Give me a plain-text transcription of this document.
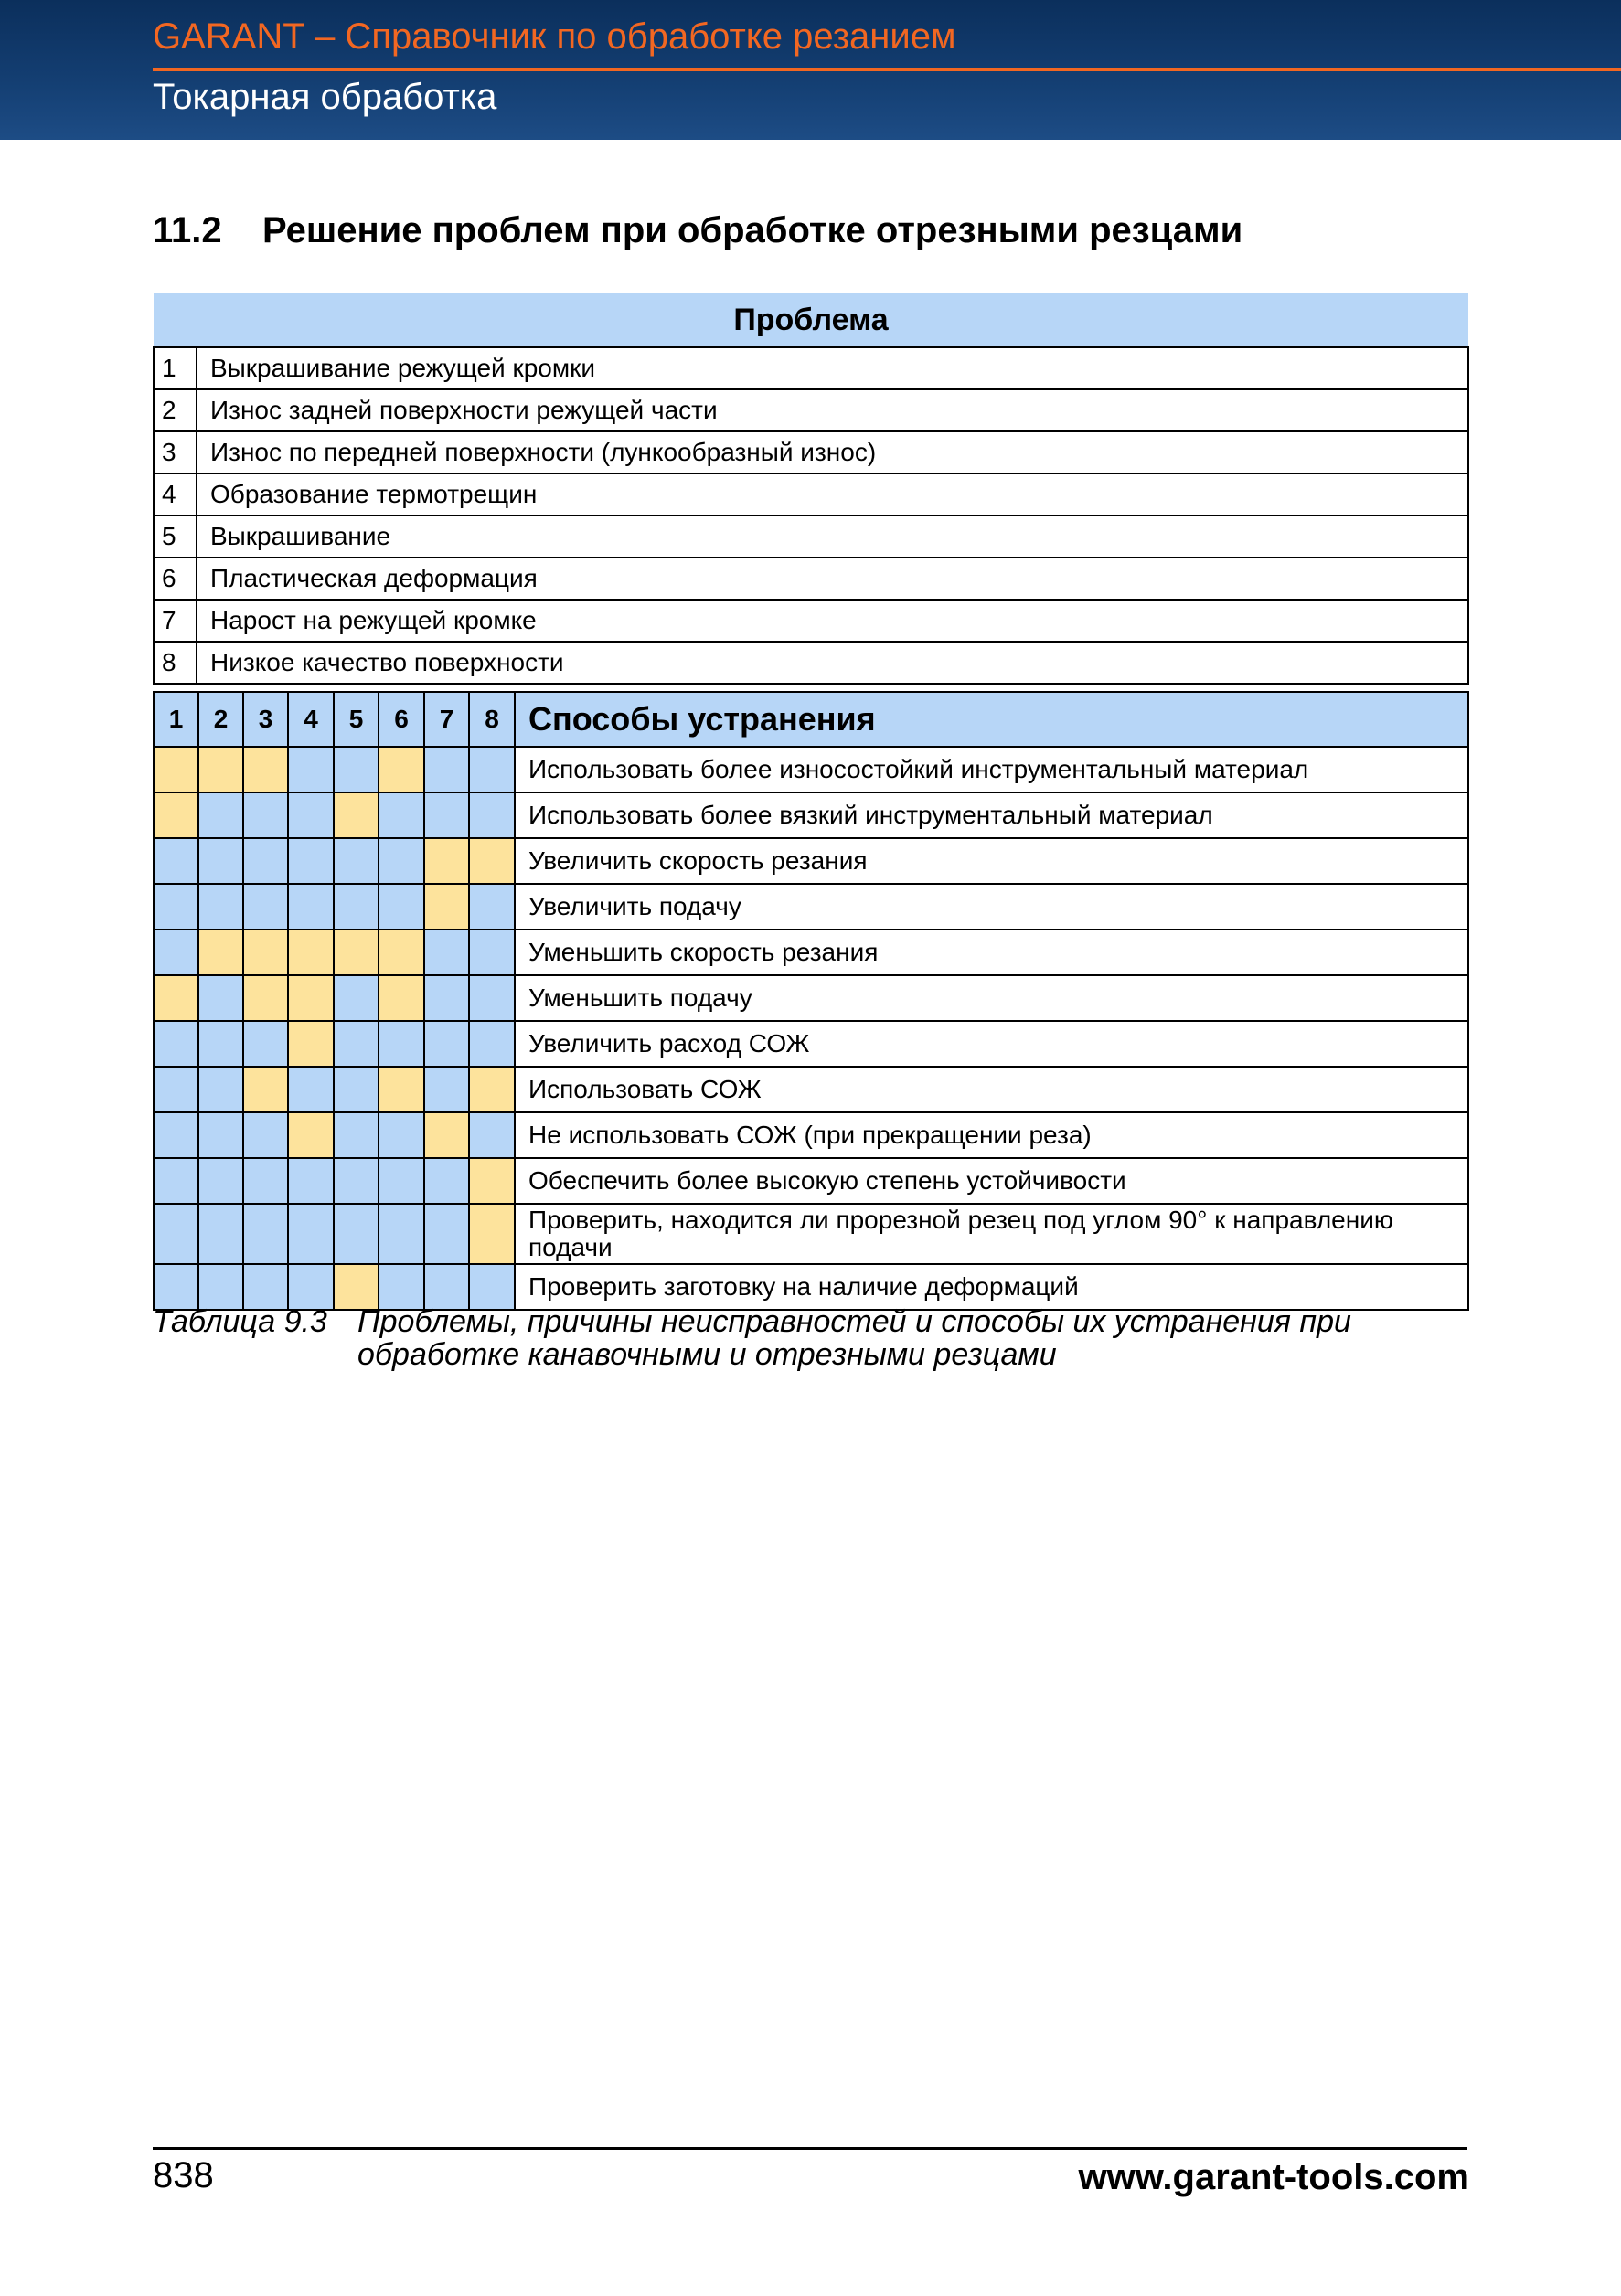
GARANT – Справочник по обработке резанием
Токарная обработка
11.2 Решение проблем при обработке отрезными резцами
Проблема	
1	Выкрашивание режущей кромки
2	Износ задней поверхности режущей части
3	Износ по передней поверхности (лункообразный износ)
4	Образование термотрещин
5	Выкрашивание
6	Пластическая деформация
7	Нарост на режущей кромке
8	Низкое качество поверхности
1	2	3	4	5	6	7	8	Способы устранения
								Использовать более износостойкий инструментальный материал
								Использовать более вязкий инструментальный материал
								Увеличить скорость резания
								Увеличить подачу
								Уменьшить скорость резания
								Уменьшить подачу
								Увеличить расход СОЖ
								Использовать СОЖ
								Не использовать СОЖ (при прекращении реза)
								Обеспечить более высокую степень устойчивости
								Проверить, находится ли прорезной резец под углом 90° к направлению подачи
								Проверить заготовку на наличие деформаций
Таблица 9.3 Проблемы, причины неисправностей и способы их устранения при обработке канавочными и отрезными резцами
838	www.garant-tools.com
